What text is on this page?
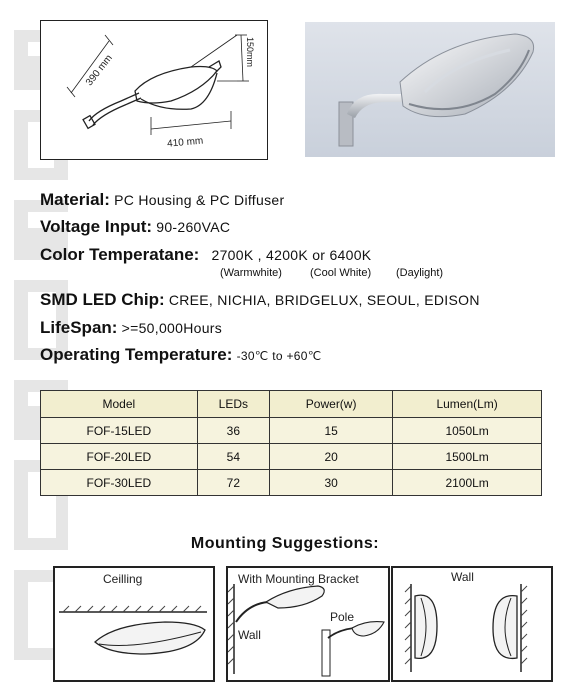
390 mm
410 mm
150mm
Material: PC Housing & PC Diffuser
Voltage Input: 90-260VAC
Color Temperatane: 2700K , 4200K or 6400K
(Warmwhite)	(Cool White) (Daylight)
SMD LED Chip: CREE, NICHIA, BRIDGELUX, SEOUL, EDISON
LifeSpan: >=50,000Hours
Operating Temperature: -30℃ to +60℃
Model	LEDs	Power(w)	Lumen(Lm)
FOF-15LED	36	15	1050Lm
FOF-20LED	54	20	1500Lm
FOF-30LED	72	30	2100Lm
Mounting Suggestions:
Ceilling	With Mounting Bracket
Pole
Wall
Wall
